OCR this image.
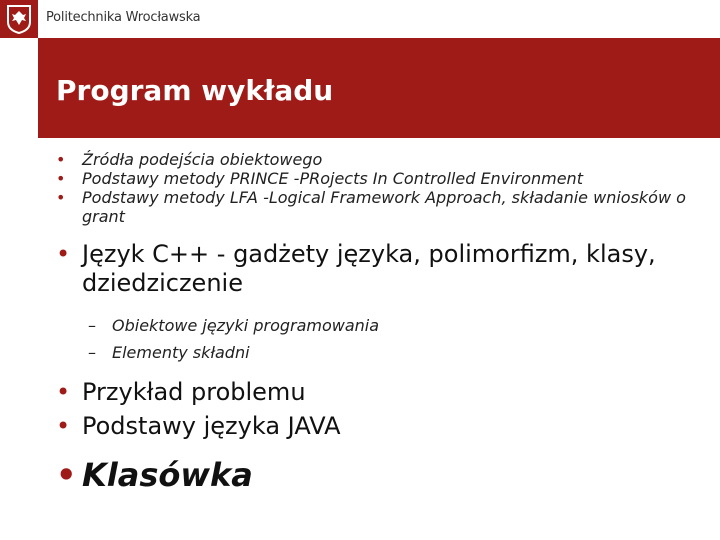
Politechnika Wrocławska
Program wykładu

• Źródła podejścia obiektowego

• Podstawy metody PRINCE -PRojects In Controlled Environment

• Podstawy metody LFA -Logical Framework Approach, składanie wniosków o grant

• Język C++ - gadżety języka, polimorfizm, klasy, dziedziczenie
– Obiektowe języki programowania
– Elementy składni
• Przykład problemu
• Podstawy języka JAVA
• Klasówka
